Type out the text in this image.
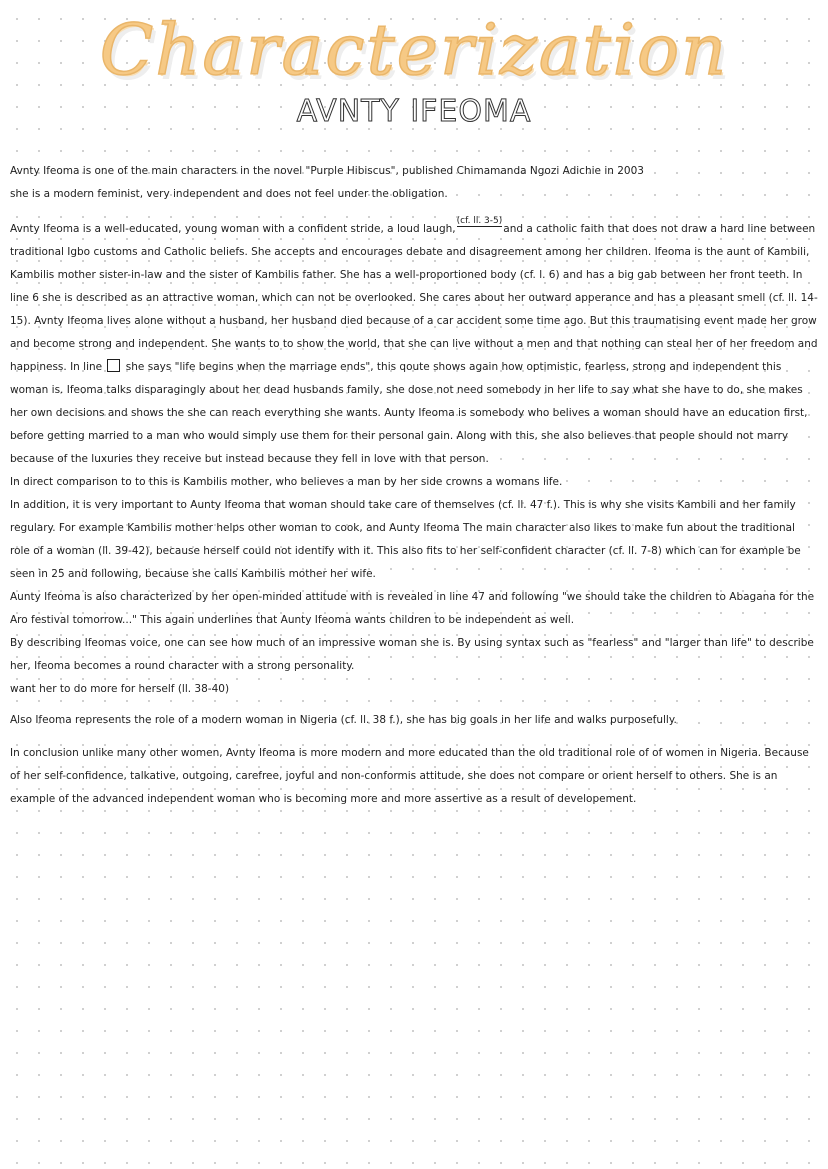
Characterization
AVNTY IFEOMA

Avnty Ifeoma is one of the main characters in the novel "Purple Hibiscus", published Chimamanda Ngozi Adichie in 2003

she is a modern feminist, very independent and does not feel under the obligation.

Avnty Ifeoma is a well-educated, young woman with a confident stride, a loud laugh,(cf. ll. 3-5)and a catholic faith that does not draw a hard line between traditional Igbo customs and Catholic beliefs. She accepts and encourages debate and disagreement among her children. Ifeoma is the aunt of Kambili, Kambilis mother sister-in-law and the sister of Kambilis father. She has a well-proportioned body (cf. l. 6) and has a big gab between her front teeth. In line 6 she is described as an attractive woman, which can not be overlooked. She cares about her outward apperance and has a pleasant smell (cf. ll. 14-15). Avnty Ifeoma lives alone without a husband, her husband died because of a car accident some time ago. But this traumatising event made her grow and become strong and independent. She wants to to show the world, that she can live without a men and that nothing can steal her of her freedom and happiness. In line she says "life begins when the marriage ends", this qoute shows again how optimistic, fearless, strong and independent this woman is. Ifeoma talks disparagingly about her dead husbands family, she dose not need somebody in her life to say what she have to do, she makes her own decisions and shows the she can reach everything she wants. Aunty Ifeoma is somebody who belives a woman should have an education first, before getting married to a man who would simply use them for their personal gain. Along with this, she also believes that people should not marry because of the luxuries they receive but instead because they fell in love with that person.

In direct comparison to to this is Kambilis mother, who believes a man by her side crowns a womans life.

In addition, it is very important to Aunty Ifeoma that woman should take care of themselves (cf. ll. 47 f.). This is why she visits Kambili and her family regulary. For example Kambilis mother helps other woman to cook, and Aunty Ifeoma The main character also likes to make fun about the traditional role of a woman (ll. 39-42), because herself could not identify with it. This also fits to her self-confident character (cf. ll. 7-8) which can for example be seen in 25 and following, because she calls Kambilis mother her wife.

Aunty Ifeoma is also characterized by her open-minded attitude with is revealed in line 47 and following "we should take the children to Abagana for the Aro festival tomorrow..." This again underlines that Aunty Ifeoma wants children to be independent as well.

By describing Ifeomas voice, one can see how much of an impressive woman she is. By using syntax such as "fearless" and "larger than life" to describe her, Ifeoma becomes a round character with a strong personality.

want her to do more for herself (ll. 38-40)

Also Ifeoma represents the role of a modern woman in Nigeria (cf. ll. 38 f.), she has big goals in her life and walks purposefully.

In conclusion unlike many other women, Avnty Ifeoma is more modern and more educated than the old traditional role of of women in Nigeria. Because of her self-confidence, talkative, outgoing, carefree, joyful and non-conformis attitude, she does not compare or orient herself to others. She is an example of the advanced independent woman who is becoming more and more assertive as a result of developement.
